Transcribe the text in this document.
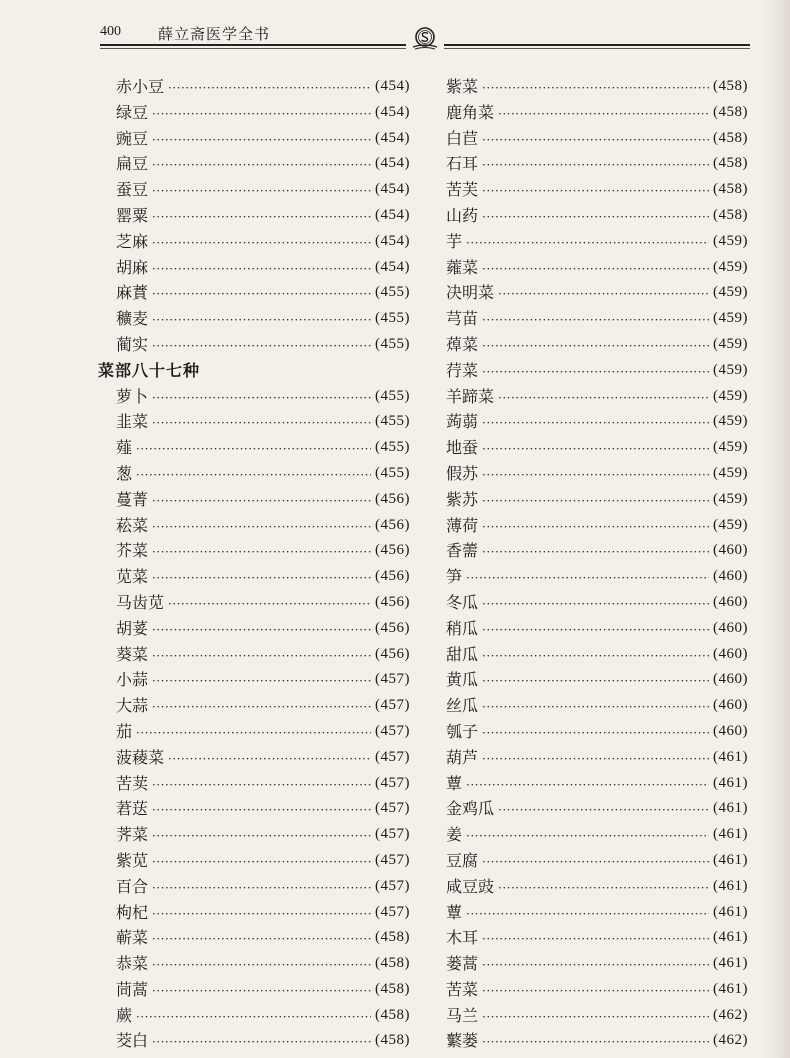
400 薛立斋医学全书
赤小豆 ·····	(454)
绿豆 ·····	(454)
豌豆 ·····	(454)
扁豆 ·····	(454)
蚕豆 ·····	(454)
罂粟 ·····	(454)
芝麻 ·····	(454)
胡麻 ·····	(454)
麻蕡 ·····	(455)
穬麦 ·····	(455)
蔺实 ·····	(455)
菜部八十七种
萝卜 ·····	(455)
韭菜 ·····	(455)
薤 ·····	(455)
葱 ·····	(455)
蔓菁 ·····	(456)
菘菜 ·····	(456)
芥菜 ·····	(456)
苋菜 ·····	(456)
马齿苋 ·····	(456)
胡荽 ·····	(456)
葵菜 ·····	(456)
小蒜 ·····	(457)
大蒜 ·····	(457)
茄 ·····	(457)
菠薐菜 ·····	(457)
苦荬 ·····	(457)
莙荙 ·····	(457)
荠菜 ·····	(457)
紫苋 ·····	(457)
百合 ·····	(457)
枸杞 ·····	(457)
蕲菜 ·····	(458)
恭菜 ·····	(458)
茼蒿 ·····	(458)
蕨 ·····	(458)
茭白 ·····	(458)
紫菜 ·····	(458)
鹿角菜 ·····	(458)
白苣 ·····	(458)
石耳 ·····	(458)
苦芙 ·····	(458)
山药 ·····	(458)
芋 ·····	(459)
蕹菜 ·····	(459)
决明菜 ·····	(459)
芎苗 ·····	(459)
蔊菜 ·····	(459)
荇菜 ·····	(459)
羊蹄菜 ·····	(459)
蒟蒻 ·····	(459)
地蚕 ·····	(459)
假苏 ·····	(459)
紫苏 ·····	(459)
薄荷 ·····	(459)
香薷 ·····	(460)
笋 ·····	(460)
冬瓜 ·····	(460)
稍瓜 ·····	(460)
甜瓜 ·····	(460)
黄瓜 ·····	(460)
丝瓜 ·····	(460)
瓠子 ·····	(460)
葫芦 ·····	(461)
蕈 ·····	(461)
金鸡瓜 ·····	(461)
姜 ·····	(461)
豆腐 ·····	(461)
咸豆豉 ·····	(461)
蕈 ·····	(461)
木耳 ·····	(461)
蒌蒿 ·····	(461)
苦菜 ·····	(461)
马兰 ·····	(462)
蘩蒌 ·····	(462)
